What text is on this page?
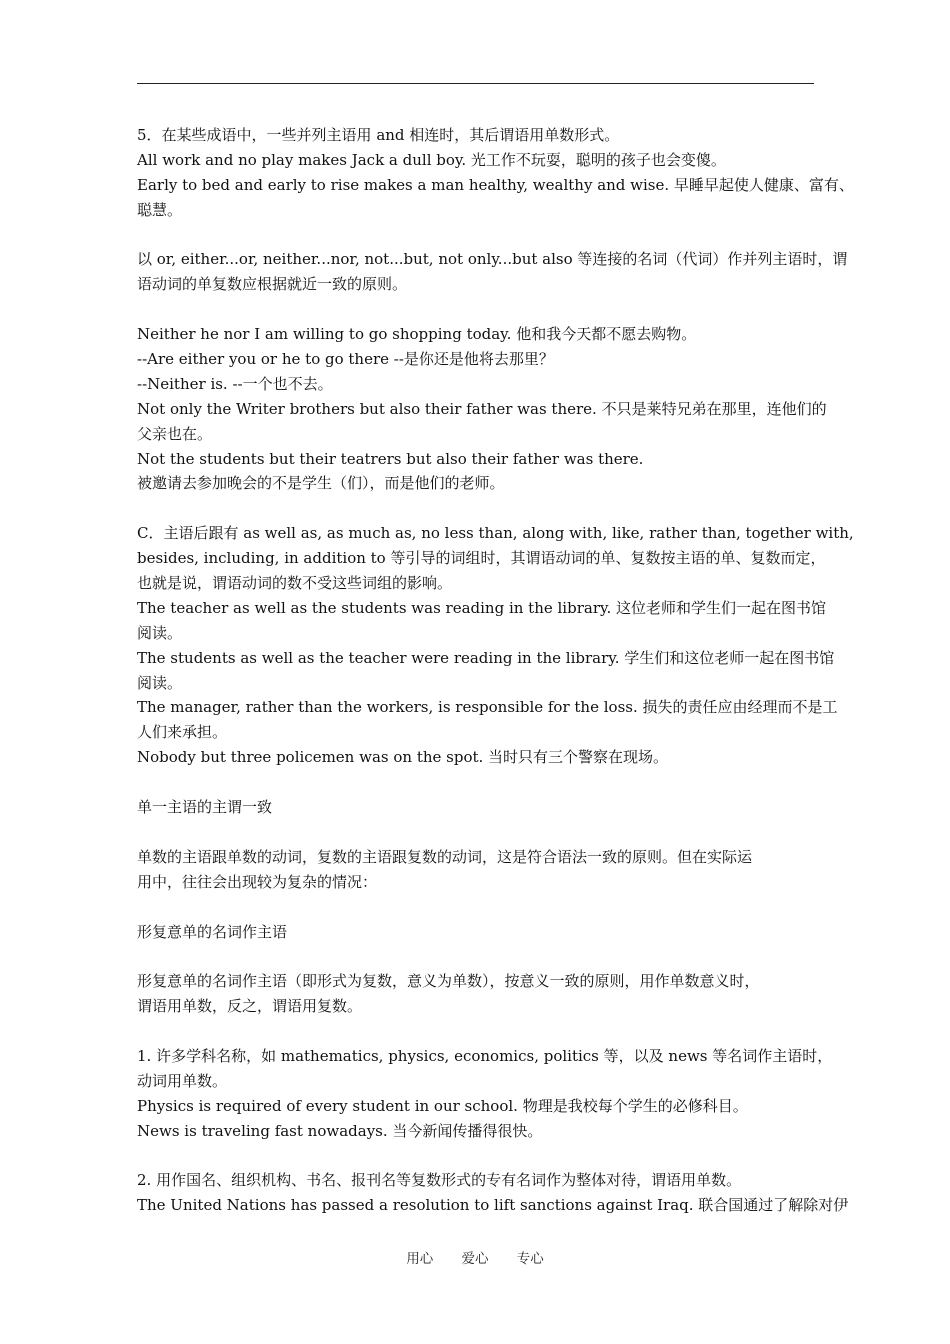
5．在某些成语中，一些并列主语用 and 相连时，其后谓语用单数形式。
All work and no play makes Jack a dull boy. 光工作不玩耍，聪明的孩子也会变傻。
Early to bed and early to rise makes a man healthy, wealthy and wise. 早睡早起使人健康、富有、
聪慧。
以 or, either...or, neither...nor, not...but, not only...but also 等连接的名词（代词）作并列主语时，谓
语动词的单复数应根据就近一致的原则。
Neither he nor I am willing to go shopping today. 他和我今天都不愿去购物。
--Are either you or he to go there --是你还是他将去那里？
--Neither is. --一个也不去。
Not only the Writer brothers but also their father was there. 不只是莱特兄弟在那里，连他们的
父亲也在。
Not the students but their teatrers but also their father was there.
被邀请去参加晚会的不是学生（们），而是他们的老师。
C．主语后跟有 as well as, as much as, no less than, along with, like, rather than, together with,
besides, including, in addition to 等引导的词组时，其谓语动词的单、复数按主语的单、复数而定，
也就是说，谓语动词的数不受这些词组的影响。
The teacher as well as the students was reading in the library. 这位老师和学生们一起在图书馆
阅读。
The students as well as the teacher were reading in the library. 学生们和这位老师一起在图书馆
阅读。
The manager, rather than the workers, is responsible for the loss. 损失的责任应由经理而不是工
人们来承担。
Nobody but three policemen was on the spot. 当时只有三个警察在现场。
单一主语的主谓一致
单数的主语跟单数的动词，复数的主语跟复数的动词，这是符合语法一致的原则。但在实际运
用中，往往会出现较为复杂的情况：
形复意单的名词作主语
形复意单的名词作主语（即形式为复数，意义为单数），按意义一致的原则，用作单数意义时，
谓语用单数，反之，谓语用复数。
1. 许多学科名称，如 mathematics, physics, economics, politics 等，以及 news 等名词作主语时，
动词用单数。
Physics is required of every student in our school. 物理是我校每个学生的必修科目。
News is traveling fast nowadays. 当今新闻传播得很快。
2. 用作国名、组织机构、书名、报刊名等复数形式的专有名词作为整体对待，谓语用单数。
The United Nations has passed a resolution to lift sanctions against Iraq. 联合国通过了解除对伊
用心 爱心 专心
